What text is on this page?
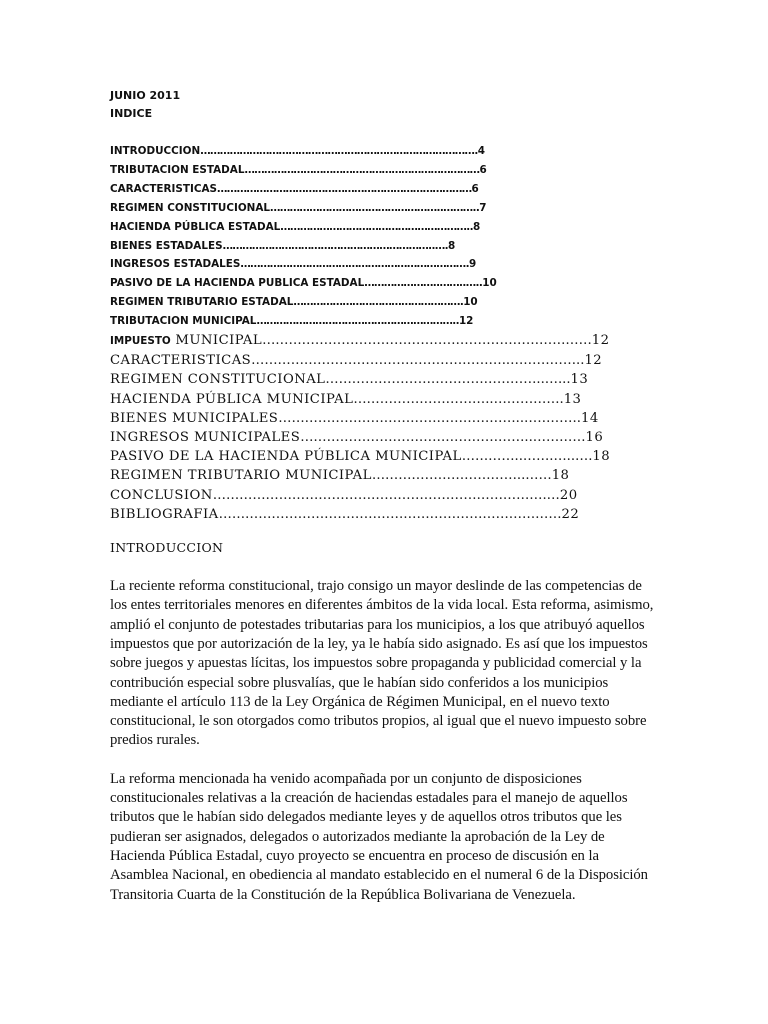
JUNIO 2011
INDICE
INTRODUCCION………………………………………………………………………….4
TRIBUTACION ESTADAL………………………………………………………………6
CARACTERISTICAS……………………………………………………………………6
REGIMEN CONSTITUCIONAL……………………………………………..………..7
HACIENDA PÚBLICA ESTADAL…………………………………………………..8
BIENES ESTADALES………………………………………………………..….8
INGRESOS ESTADALES…………………………………………………………….9
PASIVO DE LA HACIENDA PUBLICA ESTADAL…………………..……..…..10
REGIMEN TRIBUTARIO ESTADAL…………………………………………….10
TRIBUTACION MUNICIPAL……………………………………………………..12
IMPUESTO MUNICIPAL…………………………………………………………………12
CARACTERISTICAS…………………………………………………..……………..12
REGIMEN CONSTITUCIONAL…………………………………………..…...13
HACIENDA PÚBLICA MUNICIPAL…………………………..…………….13
BIENES MUNICIPALES………………………………………………..………….14
INGRESOS MUNICIPALES……………………………………………..…………16
PASIVO DE LA HACIENDA PÚBLICA MUNICIPAL…………..…….…..….18
REGIMEN TRIBUTARIO MUNICIPAL……………………………..……18
CONCLUSION………………………………………………………………….…20
BIBLIOGRAFIA……………………………………………………………………22
INTRODUCCION

La reciente reforma constitucional, trajo consigo un mayor deslinde de las competencias de los entes territoriales menores en diferentes ámbitos de la vida local. Esta reforma, asimismo, amplió el conjunto de potestades tributarias para los municipios, a los que atribuyó aquellos impuestos que por autorización de la ley, ya le había sido asignado. Es así que los impuestos sobre juegos y apuestas lícitas, los impuestos sobre propaganda y publicidad comercial y la contribución especial sobre plusvalías, que le habían sido conferidos a los municipios mediante el artículo 113 de la Ley Orgánica de Régimen Municipal, en el nuevo texto constitucional, le son otorgados como tributos propios, al igual que el nuevo impuesto sobre predios rurales.

La reforma mencionada ha venido acompañada por un conjunto de disposiciones constitucionales relativas a la creación de haciendas estadales para el manejo de aquellos tributos que le habían sido delegados mediante leyes y de aquellos otros tributos que les pudieran ser asignados, delegados o autorizados mediante la aprobación de la Ley de Hacienda Pública Estadal, cuyo proyecto se encuentra en proceso de discusión en la Asamblea Nacional, en obediencia al mandato establecido en el numeral 6 de la Disposición Transitoria Cuarta de la Constitución de la República Bolivariana de Venezuela.
